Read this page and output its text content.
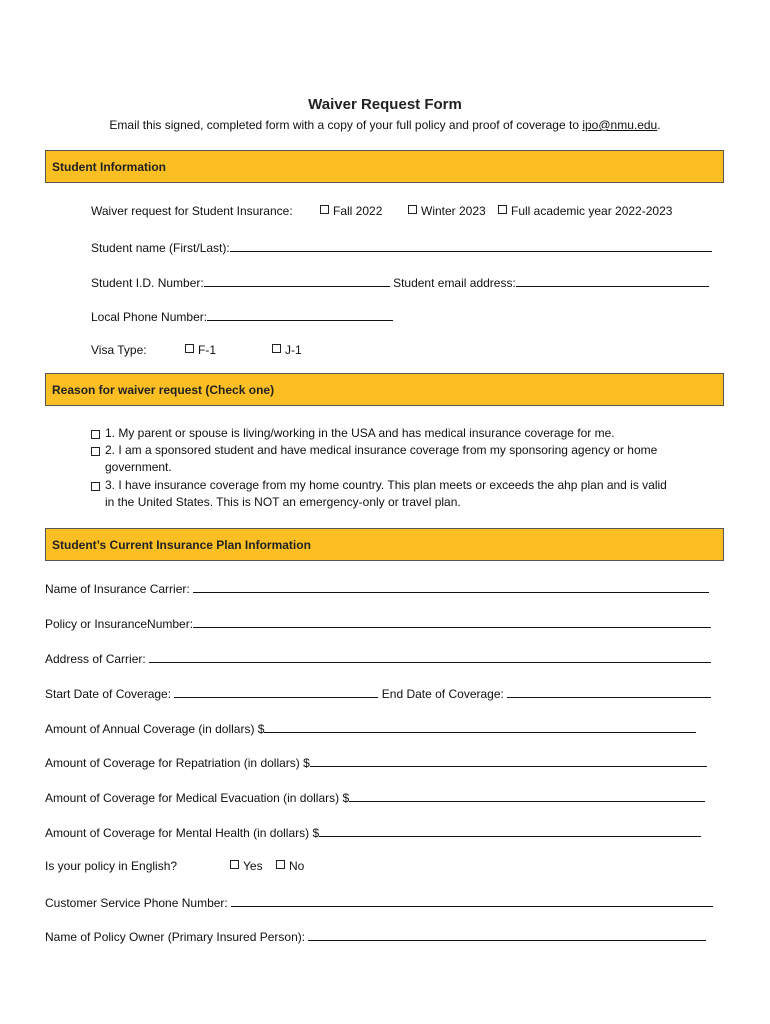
Waiver Request Form
Email this signed, completed form with a copy of your full policy and proof of coverage to ipo@nmu.edu.
Student Information
Waiver request for Student Insurance:	Fall 2022	Winter 2023	Full academic year 2022-2023
Student name (First/Last):
Student I.D. Number:	Student email address:
Local Phone Number:
Visa Type:	F-1	J-1
Reason for waiver request (Check one)
1. My parent or spouse is living/working in the USA and has medical insurance coverage for me.
2. I am a sponsored student and have medical insurance coverage from my sponsoring agency or home government.
3. I have insurance coverage from my home country. This plan meets or exceeds the ahp plan and is valid in the United States. This is NOT an emergency-only or travel plan.
Student’s Current Insurance Plan Information
Name of Insurance Carrier:
Policy or InsuranceNumber:
Address of Carrier:
Start Date of Coverage:	End Date of Coverage:
Amount of Annual Coverage (in dollars) $
Amount of Coverage for Repatriation (in dollars) $
Amount of Coverage for Medical Evacuation (in dollars) $
Amount of Coverage for Mental Health (in dollars) $
Is your policy in English?	Yes	No
Customer Service Phone Number:
Name of Policy Owner (Primary Insured Person):
